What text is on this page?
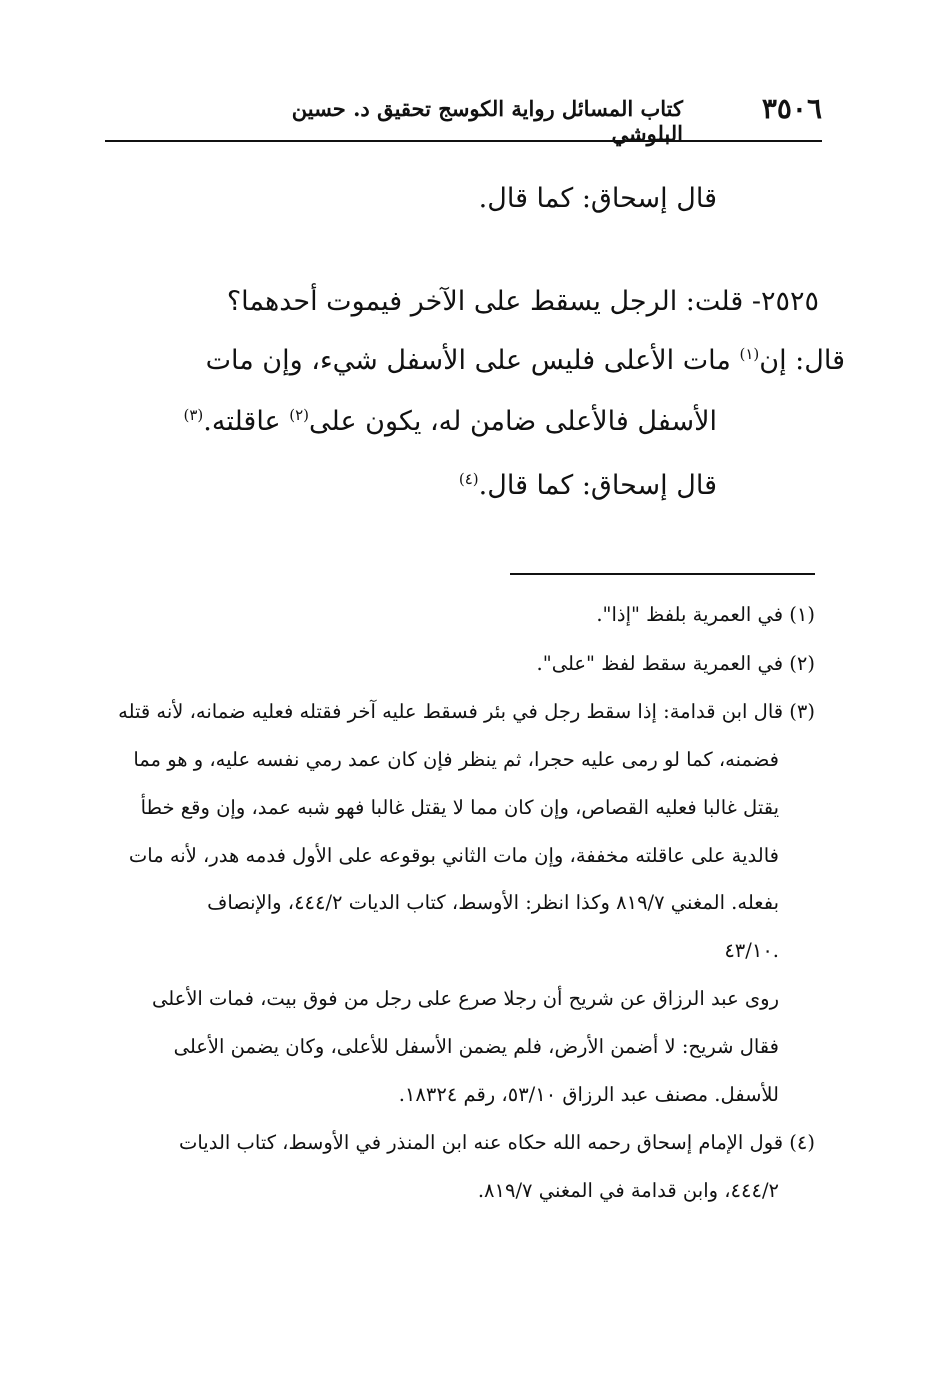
٣٥٠٦
كتاب المسائل رواية الكوسج تحقيق د. حسين البلوشي
قال إسحاق: كما قال.
٢٥٢٥- قلت: الرجل يسقط على الآخر فيموت أحدهما؟
قال: إن$^{(١)}$ مات الأعلى فليس على الأسفل شيء، وإن مات
الأسفل فالأعلى ضامن له، يكون على$^{(٢)}$ عاقلته.$^{(٣)}$
قال إسحاق: كما قال.$^{(٤)}$
(١) في العمرية بلفظ "إذا".
(٢) في العمرية سقط لفظ "على".
(٣) قال ابن قدامة: إذا سقط رجل في بئر فسقط عليه آخر فقتله فعليه ضمانه، لأنه قتله
فضمنه، كما لو رمى عليه حجرا، ثم ينظر فإن كان عمد رمي نفسه عليه، و هو مما
يقتل غالبا فعليه القصاص، وإن كان مما لا يقتل غالبا فهو شبه عمد، وإن وقع خطأ
فالدية على عاقلته مخففة، وإن مات الثاني بوقوعه على الأول فدمه هدر، لأنه مات
بفعله. المغني ٨١٩/٧ وكذا انظر: الأوسط، كتاب الديات ٤٤٤/٢، والإنصاف
٤٣/١٠.
روى عبد الرزاق عن شريح أن رجلا صرع على رجل من فوق بيت، فمات الأعلى
فقال شريح: لا أضمن الأرض، فلم يضمن الأسفل للأعلى، وكان يضمن الأعلى
للأسفل. مصنف عبد الرزاق ٥٣/١٠، رقم ١٨٣٢٤.
(٤) قول الإمام إسحاق رحمه الله حكاه عنه ابن المنذر في الأوسط، كتاب الديات
٤٤٤/٢، وابن قدامة في المغني ٨١٩/٧.
